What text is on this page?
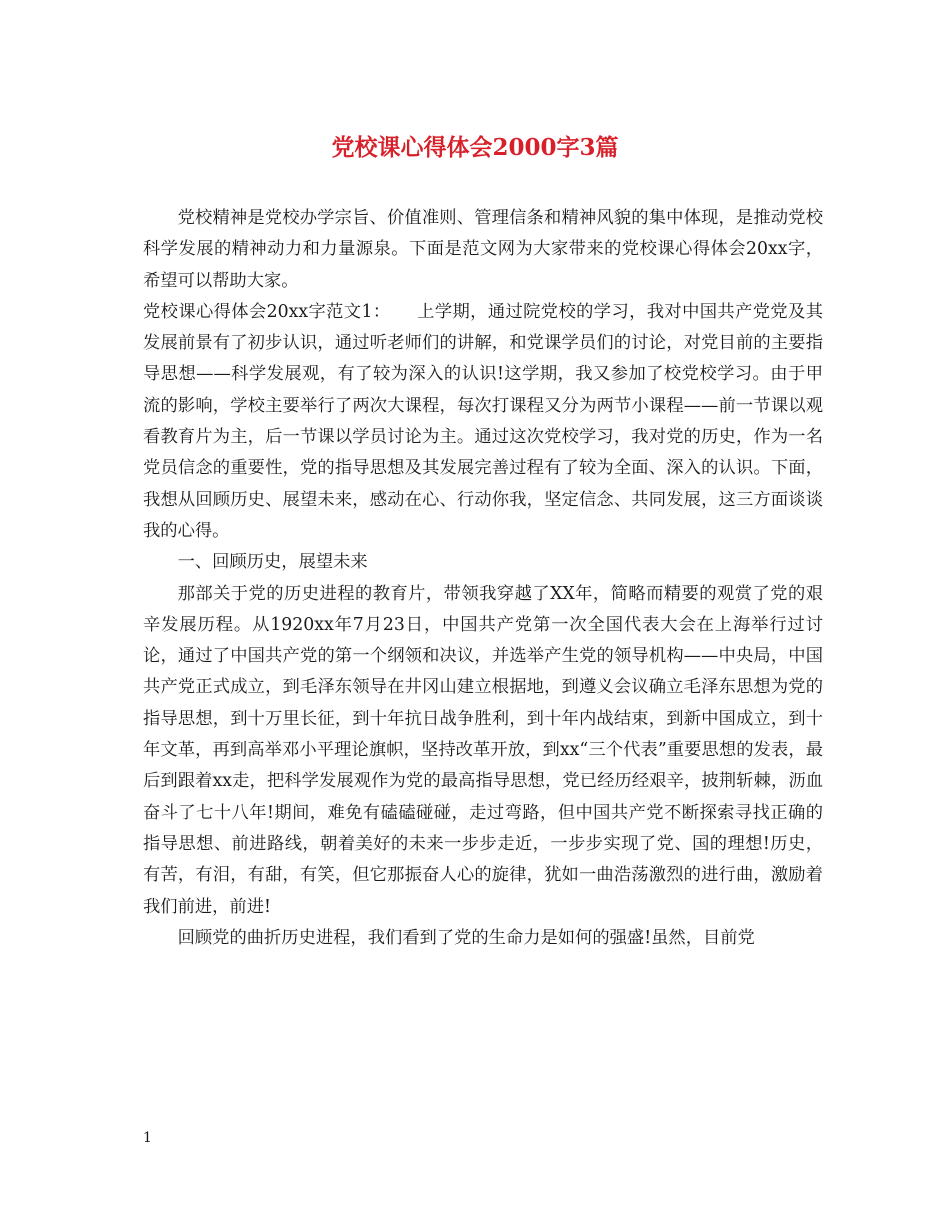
党校课心得体会2000字3篇

党校精神是党校办学宗旨、价值准则、管理信条和精神风貌的集中体现，是推动党校科学发展的精神动力和力量源泉。下面是范文网为大家带来的党校课心得体会20xx字，希望可以帮助大家。

党校课心得体会20xx字范文1：　　上学期，通过院党校的学习，我对中国共产党党及其发展前景有了初步认识，通过听老师们的讲解，和党课学员们的讨论，对党目前的主要指导思想——科学发展观，有了较为深入的认识!这学期，我又参加了校党校学习。由于甲流的影响，学校主要举行了两次大课程，每次打课程又分为两节小课程——前一节课以观看教育片为主，后一节课以学员讨论为主。通过这次党校学习，我对党的历史，作为一名党员信念的重要性，党的指导思想及其发展完善过程有了较为全面、深入的认识。下面，我想从回顾历史、展望未来，感动在心、行动你我，坚定信念、共同发展，这三方面谈谈我的心得。

一、回顾历史，展望未来

那部关于党的历史进程的教育片，带领我穿越了XX年，简略而精要的观赏了党的艰辛发展历程。从1920xx年7月23日，中国共产党第一次全国代表大会在上海举行过讨论，通过了中国共产党的第一个纲领和决议，并选举产生党的领导机构——中央局，中国共产党正式成立，到毛泽东领导在井冈山建立根据地，到遵义会议确立毛泽东思想为党的指导思想，到十万里长征，到十年抗日战争胜利，到十年内战结束，到新中国成立，到十年文革，再到高举邓小平理论旗帜，坚持改革开放，到xx“三个代表”重要思想的发表，最后到跟着xx走，把科学发展观作为党的最高指导思想，党已经历经艰辛，披荆斩棘，沥血奋斗了七十八年!期间，难免有磕磕碰碰，走过弯路，但中国共产党不断探索寻找正确的指导思想、前进路线，朝着美好的未来一步步走近，一步步实现了党、国的理想!历史，有苦，有泪，有甜，有笑，但它那振奋人心的旋律，犹如一曲浩荡激烈的进行曲，激励着我们前进，前进!

回顾党的曲折历史进程，我们看到了党的生命力是如何的强盛!虽然，目前党

1
